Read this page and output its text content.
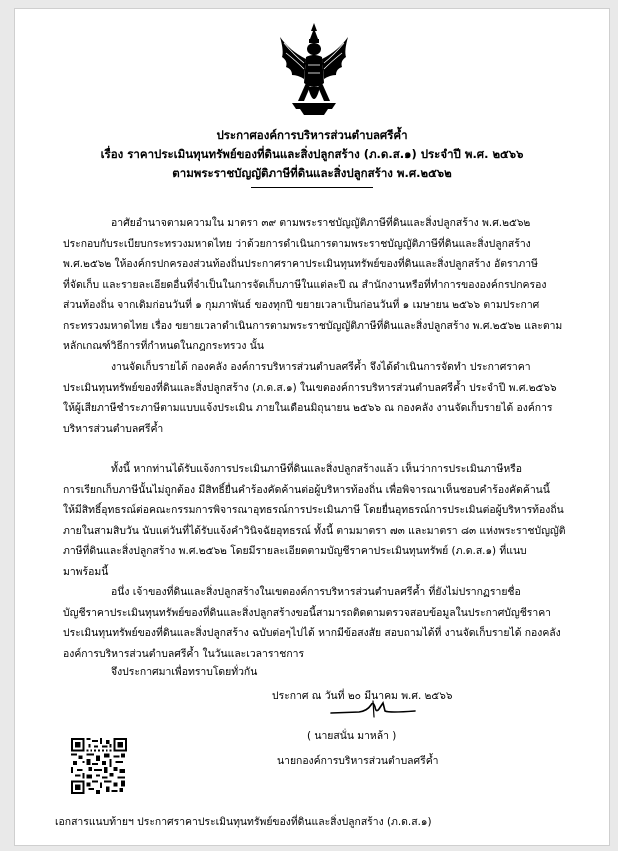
ประกาศองค์การบริหารส่วนตำบลศรีค้ำ
เรื่อง ราคาประเมินทุนทรัพย์ของที่ดินและสิ่งปลูกสร้าง (ภ.ด.ส.๑) ประจำปี พ.ศ. ๒๕๖๖
ตามพระราชบัญญัติภาษีที่ดินและสิ่งปลูกสร้าง พ.ศ.๒๕๖๒
อาศัยอำนาจตามความใน มาตรา ๓๙ ตามพระราชบัญญัติภาษีที่ดินและสิ่งปลูกสร้าง พ.ศ.๒๕๖๒
ประกอบกับระเบียบกระทรวงมหาดไทย ว่าด้วยการดำเนินการตามพระราชบัญญัติภาษีที่ดินและสิ่งปลูกสร้าง
พ.ศ.๒๕๖๒ ให้องค์กรปกครองส่วนท้องถิ่นประกาศราคาประเมินทุนทรัพย์ของที่ดินและสิ่งปลูกสร้าง อัตราภาษี
ที่จัดเก็บ และรายละเอียดอื่นที่จำเป็นในการจัดเก็บภาษีในแต่ละปี ณ สำนักงานหรือที่ทำการขององค์กรปกครอง
ส่วนท้องถิ่น จากเดิมก่อนวันที่ ๑ กุมภาพันธ์ ของทุกปี ขยายเวลาเป็นก่อนวันที่ ๑ เมษายน ๒๕๖๖ ตามประกาศ
กระทรวงมหาดไทย เรื่อง ขยายเวลาดำเนินการตามพระราชบัญญัติภาษีที่ดินและสิ่งปลูกสร้าง พ.ศ.๒๕๖๒ และตาม
หลักเกณฑ์วิธีการที่กำหนดในกฎกระทรวง นั้น
งานจัดเก็บรายได้ กองคลัง องค์การบริหารส่วนตำบลศรีค้ำ จึงได้ดำเนินการจัดทำ ประกาศราคา
ประเมินทุนทรัพย์ของที่ดินและสิ่งปลูกสร้าง (ภ.ด.ส.๑) ในเขตองค์การบริหารส่วนตำบลศรีค้ำ ประจำปี พ.ศ.๒๕๖๖
ให้ผู้เสียภาษีชำระภาษีตามแบบแจ้งประเมิน ภายในเดือนมิถุนายน ๒๕๖๖ ณ กองคลัง งานจัดเก็บรายได้ องค์การ
บริหารส่วนตำบลศรีค้ำ
ทั้งนี้ หากท่านได้รับแจ้งการประเมินภาษีที่ดินและสิ่งปลูกสร้างแล้ว เห็นว่าการประเมินภาษีหรือ
การเรียกเก็บภาษีนั้นไม่ถูกต้อง มีสิทธิ์ยื่นคำร้องคัดค้านต่อผู้บริหารท้องถิ่น เพื่อพิจารณาเห็นชอบคำร้องคัดค้านนี้
ให้มีสิทธิ์อุทธรณ์ต่อคณะกรรมการพิจารณาอุทธรณ์การประเมินภาษี โดยยื่นอุทธรณ์การประเมินต่อผู้บริหารท้องถิ่น
ภายในสามสิบวัน นับแต่วันที่ได้รับแจ้งคำวินิจฉัยอุทธรณ์ ทั้งนี้ ตามมาตรา ๗๓ และมาตรา ๘๓ แห่งพระราชบัญญัติ
ภาษีที่ดินและสิ่งปลูกสร้าง พ.ศ.๒๕๖๒ โดยมีรายละเอียดตามบัญชีราคาประเมินทุนทรัพย์ (ภ.ด.ส.๑) ที่แนบ
มาพร้อมนี้
อนึ่ง เจ้าของที่ดินและสิ่งปลูกสร้างในเขตองค์การบริหารส่วนตำบลศรีค้ำ ที่ยังไม่ปรากฏรายชื่อ
บัญชีราคาประเมินทุนทรัพย์ของที่ดินและสิ่งปลูกสร้างขอนี้สามารถติดตามตรวจสอบข้อมูลในประกาศบัญชีราคา
ประเมินทุนทรัพย์ของที่ดินและสิ่งปลูกสร้าง ฉบับต่อๆไปได้ หากมีข้อสงสัย สอบถามได้ที่ งานจัดเก็บรายได้ กองคลัง
องค์การบริหารส่วนตำบลศรีค้ำ ในวันและเวลาราชการ
จึงประกาศมาเพื่อทราบโดยทั่วกัน
ประกาศ ณ วันที่ ๒๐ มีนาคม พ.ศ. ๒๕๖๖
( นายสนั่น มาหล้า )
นายกองค์การบริหารส่วนตำบลศรีค้ำ
เอกสารแนบท้ายฯ ประกาศราคาประเมินทุนทรัพย์ของที่ดินและสิ่งปลูกสร้าง (ภ.ด.ส.๑)
